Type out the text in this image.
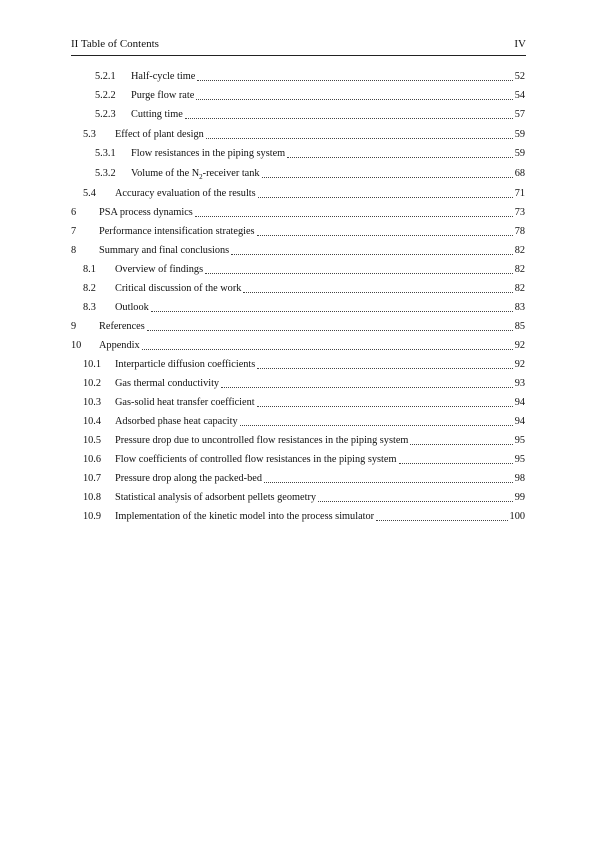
II Table of Contents	IV
5.2.1	Half-cycle time	52
5.2.2	Purge flow rate	54
5.2.3	Cutting time	57
5.3	Effect of plant design	59
5.3.1	Flow resistances in the piping system	59
5.3.2	Volume of the $N_2$-receiver tank	68
5.4	Accuracy evaluation of the results	71
6	PSA process dynamics	73
7	Performance intensification strategies	78
8	Summary and final conclusions	82
8.1	Overview of findings	82
8.2	Critical discussion of the work	82
8.3	Outlook	83
9	References	85
10	Appendix	92
10.1	Interparticle diffusion coefficients	92
10.2	Gas thermal conductivity	93
10.3	Gas-solid heat transfer coefficient	94
10.4	Adsorbed phase heat capacity	94
10.5	Pressure drop due to uncontrolled flow resistances in the piping system	95
10.6	Flow coefficients of controlled flow resistances in the piping system	95
10.7	Pressure drop along the packed-bed	98
10.8	Statistical analysis of adsorbent pellets geometry	99
10.9	Implementation of the kinetic model into the process simulator	100
